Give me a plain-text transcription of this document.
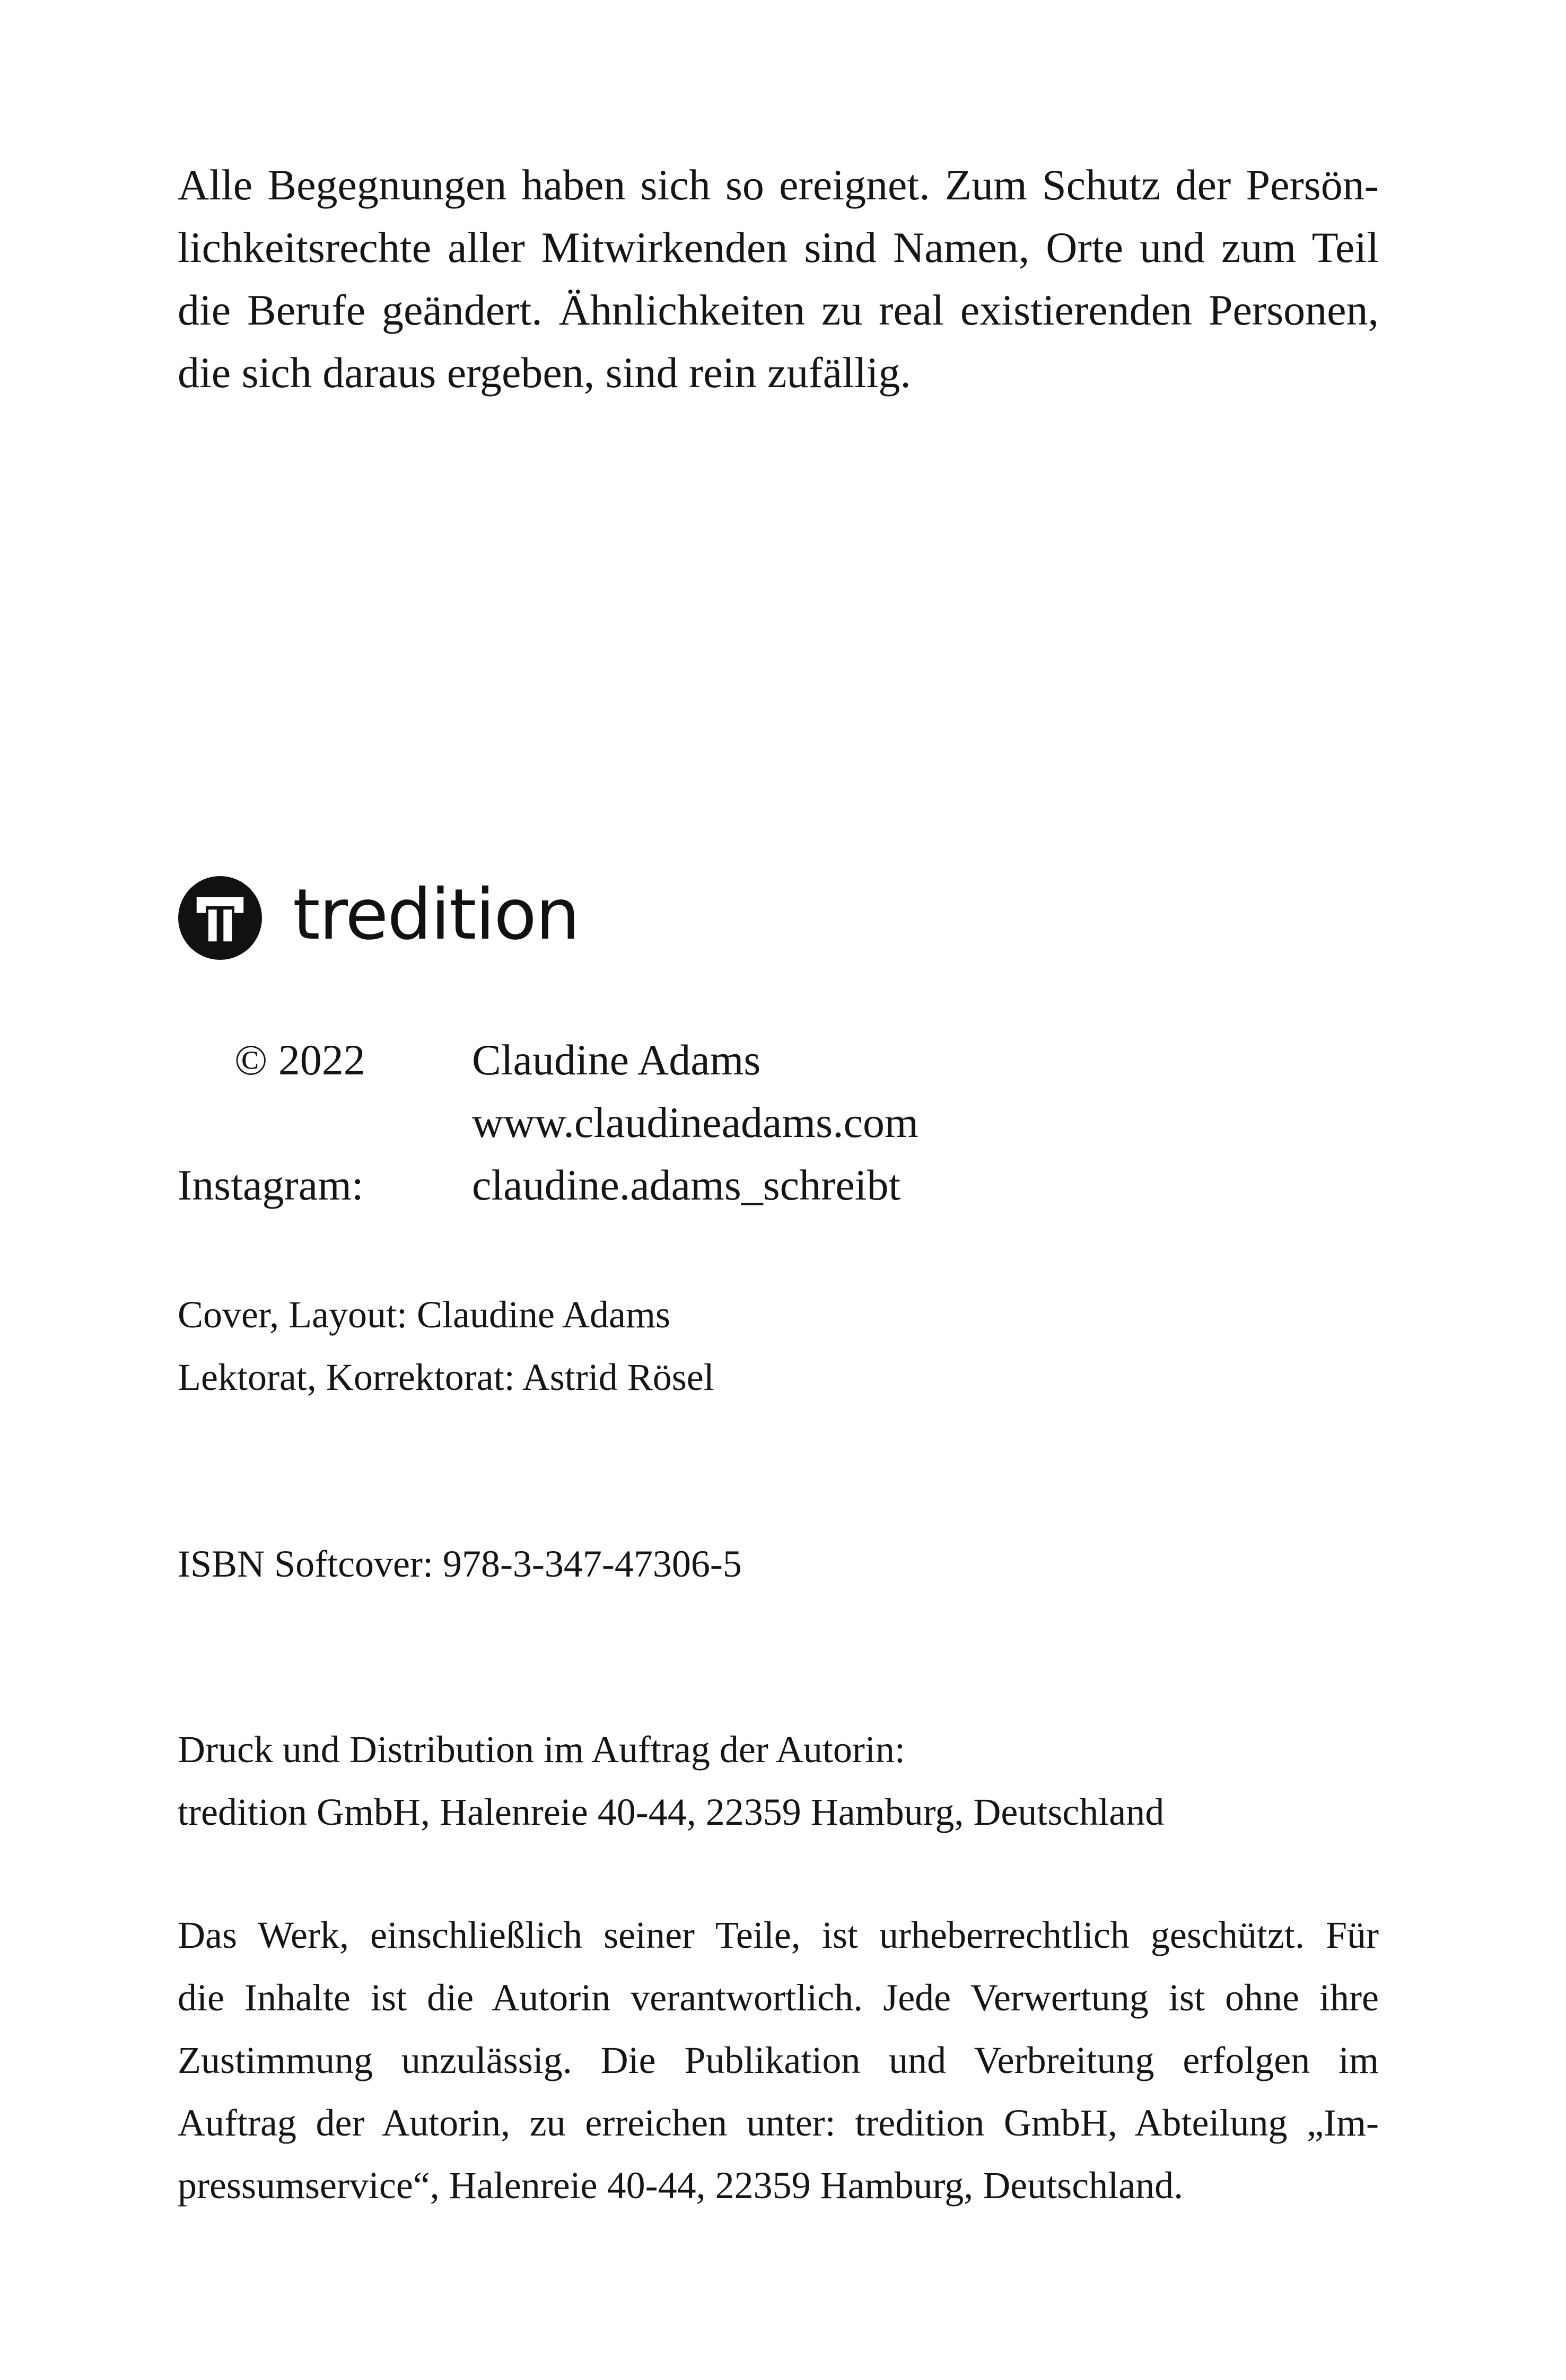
Alle Begegnungen haben sich so ereignet. Zum Schutz der Persön-
lichkeitsrechte aller Mitwirkenden sind Namen, Orte und zum Teil
die Berufe geändert. Ähnlichkeiten zu real existierenden Personen,
die sich daraus ergeben, sind rein zufällig.
tredition
© 2022	Claudine Adams
www.claudineadams.com
Instagram:	claudine.adams_schreibt
Cover, Layout: Claudine Adams
Lektorat, Korrektorat: Astrid Rösel
ISBN Softcover: 978-3-347-47306-5
Druck und Distribution im Auftrag der Autorin:
tredition GmbH, Halenreie 40-44, 22359 Hamburg, Deutschland
Das Werk, einschließlich seiner Teile, ist urheberrechtlich geschützt. Für
die Inhalte ist die Autorin verantwortlich. Jede Verwertung ist ohne ihre
Zustimmung unzulässig. Die Publikation und Verbreitung erfolgen im
Auftrag der Autorin, zu erreichen unter: tredition GmbH, Abteilung „Im-
pressumservice“, Halenreie 40-44, 22359 Hamburg, Deutschland.
